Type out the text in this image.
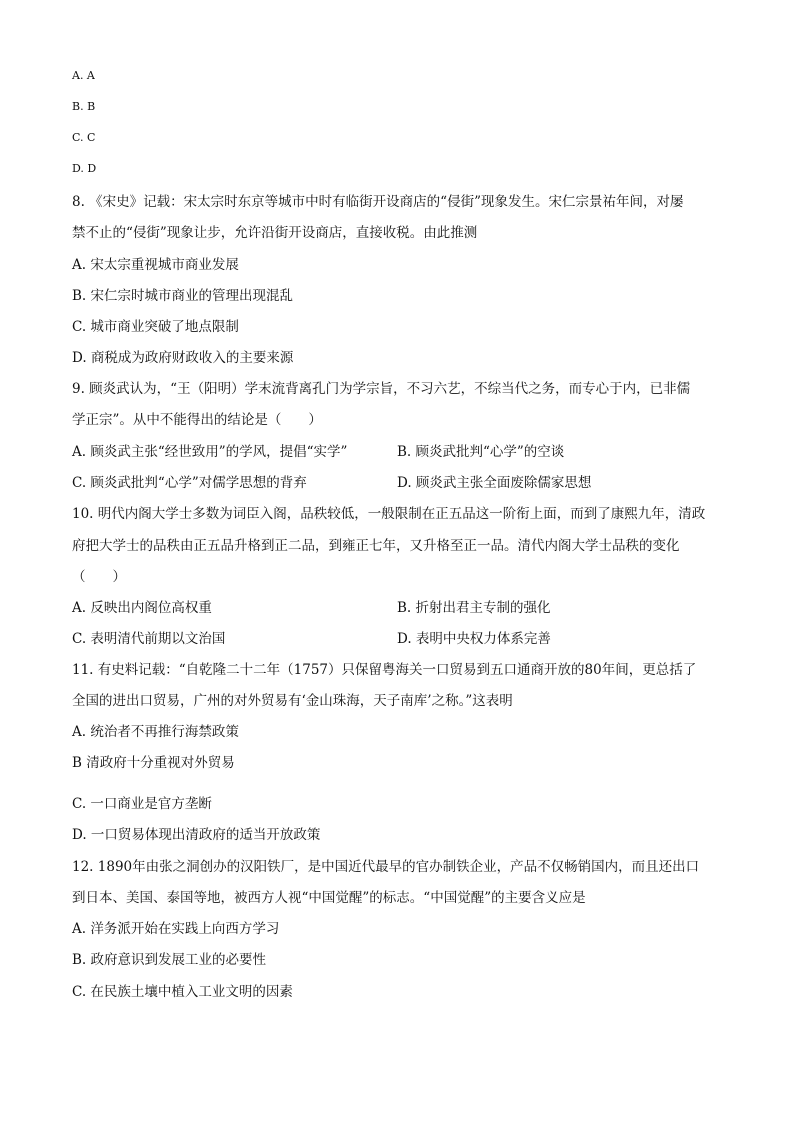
A. A
B. B
C. C
D. D
8. 《宋史》记载：宋太宗时东京等城市中时有临街开设商店的“侵街”现象发生。宋仁宗景祐年间，对屡
禁不止的“侵街”现象让步，允许沿街开设商店，直接收税。由此推测
A. 宋太宗重视城市商业发展
B. 宋仁宗时城市商业的管理出现混乱
C. 城市商业突破了地点限制
D. 商税成为政府财政收入的主要来源
9. 顾炎武认为，“王（阳明）学末流背离孔门为学宗旨，不习六艺，不综当代之务，而专心于内，已非儒
学正宗”。从中不能得出的结论是（　　）
A. 顾炎武主张“经世致用”的学风，提倡“实学”	B. 顾炎武批判“心学”的空谈
C. 顾炎武批判“心学”对儒学思想的背弃	D. 顾炎武主张全面废除儒家思想
10. 明代内阁大学士多数为词臣入阁，品秩较低，一般限制在正五品这一阶衔上面，而到了康熙九年，清政
府把大学士的品秩由正五品升格到正二品，到雍正七年，又升格至正一品。清代内阁大学士品秩的变化
（　　）
A. 反映出内阁位高权重	B. 折射出君主专制的强化
C. 表明清代前期以文治国	D. 表明中央权力体系完善
11. 有史料记载：“自乾隆二十二年（1757）只保留粤海关一口贸易到五口通商开放的80年间，更总括了
全国的进出口贸易，广州的对外贸易有‘金山珠海，天子南库’之称。”这表明
A. 统治者不再推行海禁政策
B 清政府十分重视对外贸易
C. 一口商业是官方垄断
D. 一口贸易体现出清政府的适当开放政策
12. 1890年由张之洞创办的汉阳铁厂，是中国近代最早的官办制铁企业，产品不仅畅销国内，而且还出口
到日本、美国、泰国等地，被西方人视“中国觉醒”的标志。“中国觉醒”的主要含义应是
A. 洋务派开始在实践上向西方学习
B. 政府意识到发展工业的必要性
C. 在民族土壤中植入工业文明的因素
